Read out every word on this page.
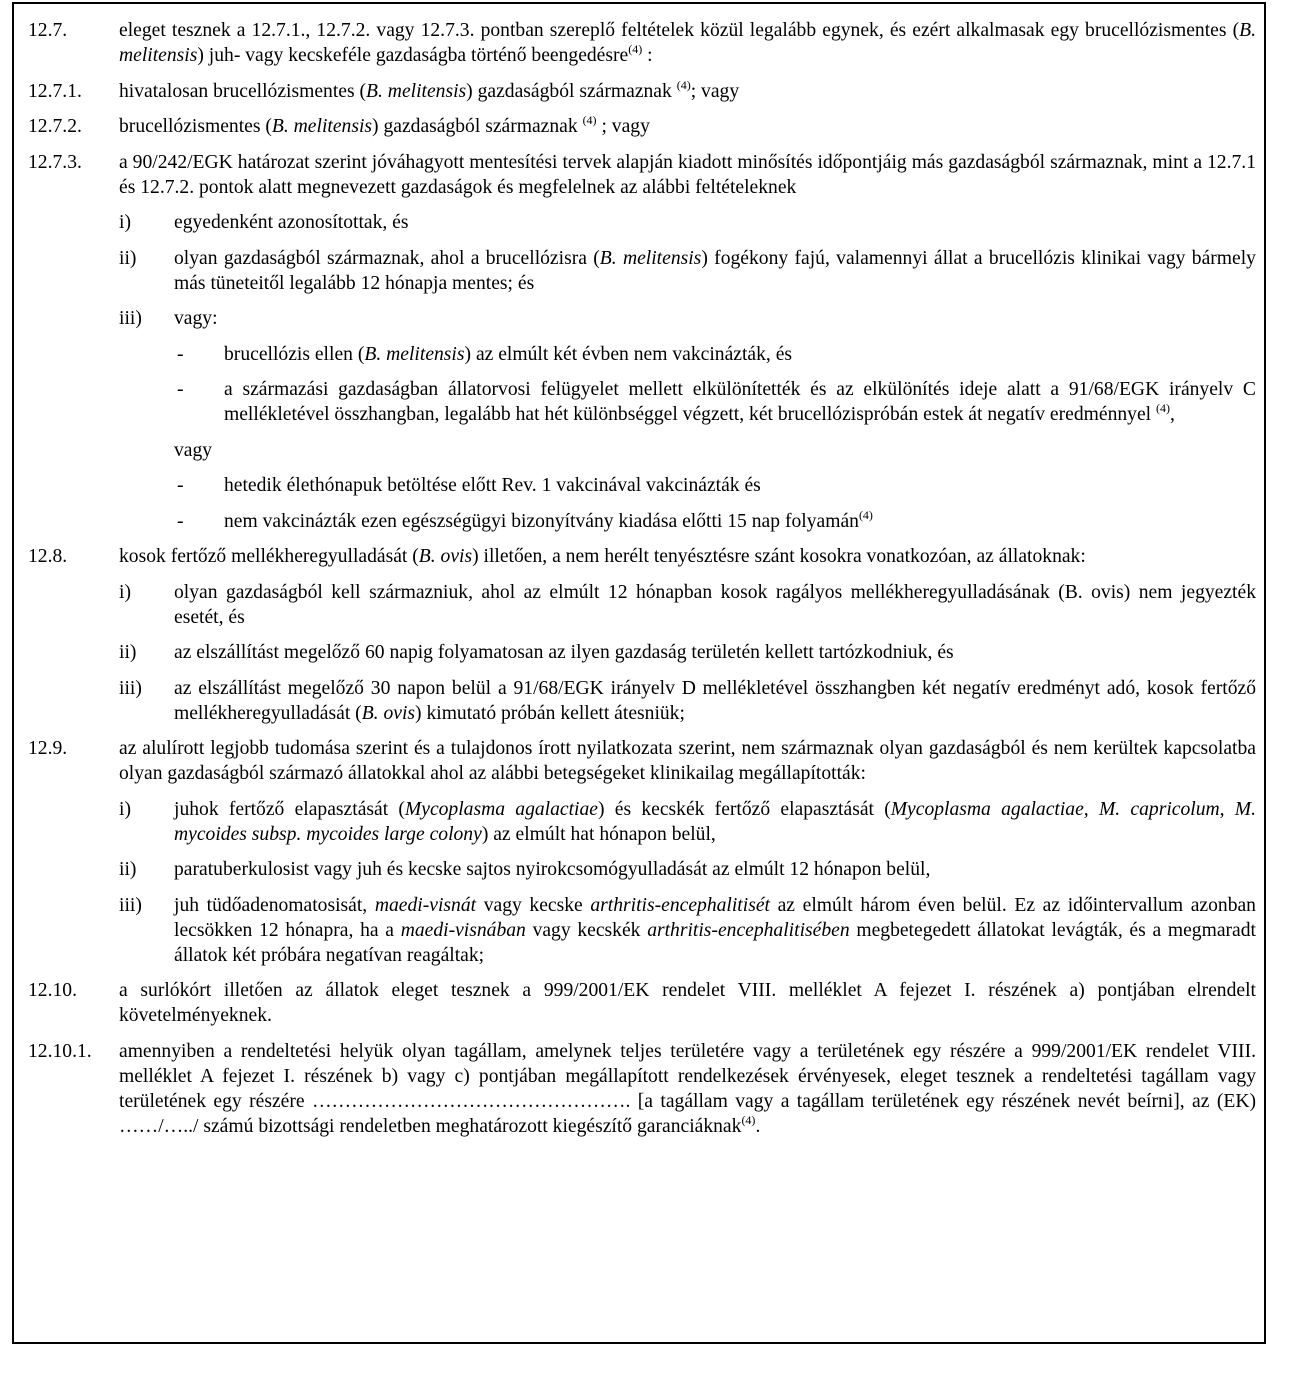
12.7.	eleget tesznek a 12.7.1., 12.7.2. vagy 12.7.3. pontban szereplő feltételek közül legalább egynek, és ezért alkalmasak egy brucellózismentes (B. melitensis) juh- vagy kecskeféle gazdaságba történő beengedésre$^{(4)}$ :
12.7.1.	hivatalosan brucellózismentes (B. melitensis) gazdaságból származnak $^{(4)}$; vagy
12.7.2.	brucellózismentes (B. melitensis) gazdaságból származnak $^{(4)}$ ; vagy
12.7.3.	a 90/242/EGK határozat szerint jóváhagyott mentesítési tervek alapján kiadott minősítés időpontjáig más gazdaságból származnak, mint a 12.7.1 és 12.7.2. pontok alatt megnevezett gazdaságok és megfelelnek az alábbi feltételeknek
i) egyedenként azonosítottak, és
ii) olyan gazdaságból származnak, ahol a brucellózisra (B. melitensis) fogékony fajú, valamennyi állat a brucellózis klinikai vagy bármely más tüneteitől legalább 12 hónapja mentes; és
iii) vagy:
- brucellózis ellen (B. melitensis) az elmúlt két évben nem vakcinázták, és
- a származási gazdaságban állatorvosi felügyelet mellett elkülönítették és az elkülönítés ideje alatt a 91/68/EGK irányelv C mellékletével összhangban, legalább hat hét különbséggel végzett, két brucellózispróbán estek át negatív eredménnyel $^{(4)}$,
vagy
- hetedik élethónapuk betöltése előtt Rev. 1 vakcinával vakcinázták és
- nem vakcinázták ezen egészségügyi bizonyítvány kiadása előtti 15 nap folyamán$^{(4)}$
12.8.	kosok fertőző mellékheregyulladását (B. ovis) illetően, a nem herélt tenyésztésre szánt kosokra vonatkozóan, az állatoknak:
i) olyan gazdaságból kell származniuk, ahol az elmúlt 12 hónapban kosok ragályos mellékheregyulladásának (B. ovis) nem jegyezték esetét, és
ii) az elszállítást megelőző 60 napig folyamatosan az ilyen gazdaság területén kellett tartózkodniuk, és
iii) az elszállítást megelőző 30 napon belül a 91/68/EGK irányelv D mellékletével összhangben két negatív eredményt adó, kosok fertőző mellékheregyulladását (B. ovis) kimutató próbán kellett átesniük;
12.9.	az alulírott legjobb tudomása szerint és a tulajdonos írott nyilatkozata szerint, nem származnak olyan gazdaságból és nem kerültek kapcsolatba olyan gazdaságból származó állatokkal ahol az alábbi betegségeket klinikailag megállapították:
i) juhok fertőző elapasztását (Mycoplasma agalactiae) és kecskék fertőző elapasztását (Mycoplasma agalactiae, M. capricolum, M. mycoides subsp. mycoides large colony) az elmúlt hat hónapon belül,
ii) paratuberkulosist vagy juh és kecske sajtos nyirokcsomógyulladását az elmúlt 12 hónapon belül,
iii) juh tüdőadenomatosisát, maedi-visnát vagy kecske arthritis-encephalitisét az elmúlt három éven belül. Ez az időintervallum azonban lecsökken 12 hónapra, ha a maedi-visnában vagy kecskék arthritis-encephalitisében megbetegedett állatokat levágták, és a megmaradt állatok két próbára negatívan reagáltak;
12.10.	a surlókórt illetően az állatok eleget tesznek a 999/2001/EK rendelet VIII. melléklet A fejezet I. részének a) pontjában elrendelt követelményeknek.
12.10.1.	amennyiben a rendeltetési helyük olyan tagállam, amelynek teljes területére vagy a területének egy részére a 999/2001/EK rendelet VIII. melléklet A fejezet I. részének b) vagy c) pontjában megállapított rendelkezések érvényesek, eleget tesznek a rendeltetési tagállam vagy területének egy részére …………………………………………. [a tagállam vagy a tagállam területének egy részének nevét beírni], az (EK) ……/…../ számú bizottsági rendeletben meghatározott kiegészítő garanciáknak$^{(4)}$.
